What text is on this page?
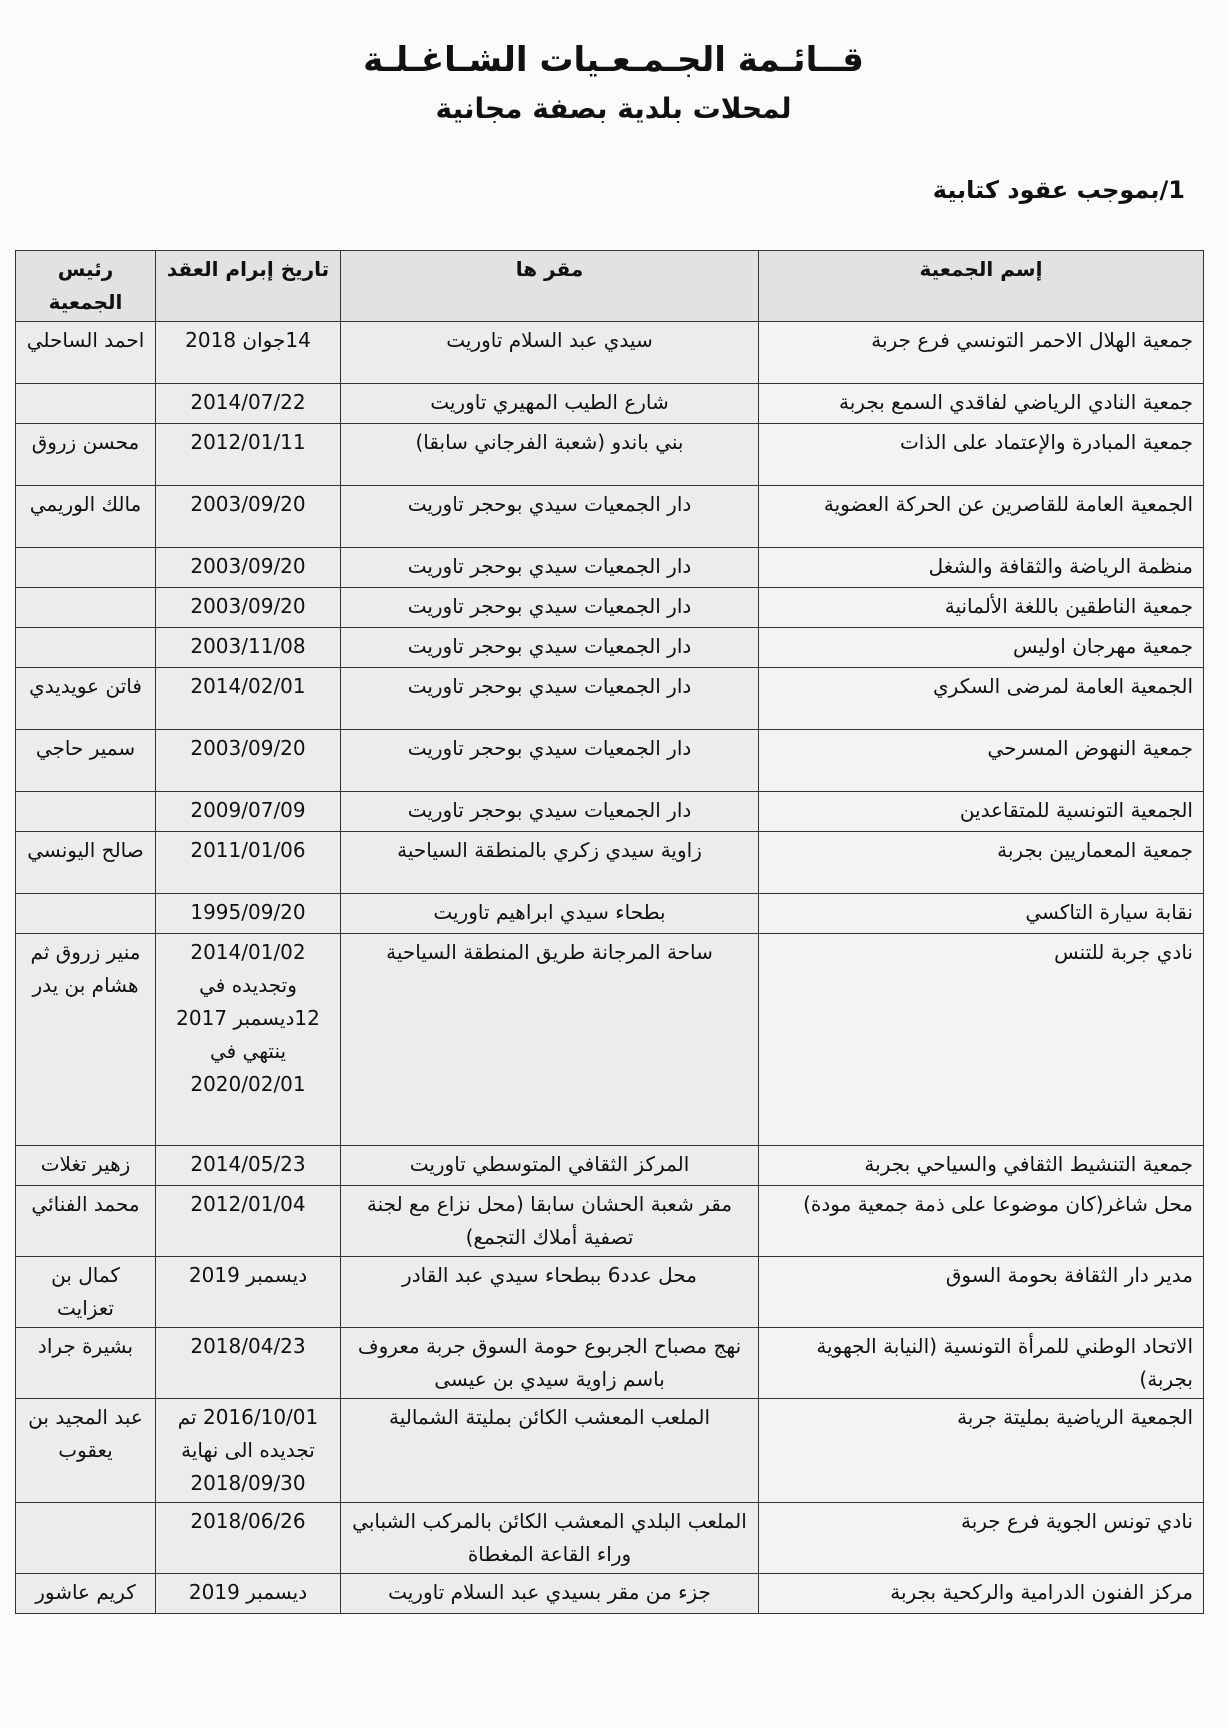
قــائـمة الجـمـعـيات الشـاغـلـة
لمحلات بلدية بصفة مجانية
1/بموجب عقود كتابية
إسم الجمعية	مقر ها	تاريخ إبرام العقد	رئيس الجمعية
جمعية الهلال الاحمر التونسي فرع جربة	سيدي عبد السلام تاوريت	14جوان 2018	احمد الساحلي
جمعية النادي الرياضي لفاقدي السمع بجربة	شارع الطيب المهيري تاوريت	2014/07/22	
جمعية المبادرة والإعتماد على الذات	بني باندو (شعبة الفرجاني سابقا)	2012/01/11	محسن زروق
الجمعية العامة للقاصرين عن الحركة العضوية	دار الجمعيات سيدي بوحجر تاوريت	2003/09/20	مالك الوريمي
منظمة الرياضة والثقافة والشغل	دار الجمعيات سيدي بوحجر تاوريت	2003/09/20	
جمعية الناطقين باللغة الألمانية	دار الجمعيات سيدي بوحجر تاوريت	2003/09/20	
جمعية مهرجان اوليس	دار الجمعيات سيدي بوحجر تاوريت	2003/11/08	
الجمعية العامة لمرضى السكري	دار الجمعيات سيدي بوحجر تاوريت	2014/02/01	فاتن عويديدي
جمعية النهوض المسرحي	دار الجمعيات سيدي بوحجر تاوريت	2003/09/20	سمير حاجي
الجمعية التونسية للمتقاعدين	دار الجمعيات سيدي بوحجر تاوريت	2009/07/09	
جمعية المعماريين بجربة	زاوية سيدي زكري بالمنطقة السياحية	2011/01/06	صالح اليونسي
نقابة سيارة التاكسي	بطحاء سيدي ابراهيم تاوريت	1995/09/20	
نادي جربة للتنس	ساحة المرجانة طريق المنطقة السياحية	2014/01/02 وتجديده في 12ديسمبر 2017 ينتهي في 2020/02/01	منير زروق ثم هشام بن يدر
جمعية التنشيط الثقافي والسياحي بجربة	المركز الثقافي المتوسطي تاوريت	2014/05/23	زهير تغلات
محل شاغر(كان موضوعا على ذمة جمعية مودة)	مقر شعبة الحشان سابقا (محل نزاع مع لجنة تصفية أملاك التجمع)	2012/01/04	محمد الفنائي
مدير دار الثقافة بحومة السوق	محل عدد6 ببطحاء سيدي عبد القادر	ديسمبر 2019	كمال بن تعزايت
الاتحاد الوطني للمرأة التونسية (النيابة الجهوية بجربة)	نهج مصباح الجربوع حومة السوق جربة معروف باسم زاوية سيدي بن عيسى	2018/04/23	بشيرة جراد
الجمعية الرياضية بمليتة جربة	الملعب المعشب الكائن بمليتة الشمالية	2016/10/01 تم تجديده الى نهاية 2018/09/30	عبد المجيد بن يعقوب
نادي تونس الجوية فرع جربة	الملعب البلدي المعشب الكائن بالمركب الشبابي وراء القاعة المغطاة	2018/06/26	
مركز الفنون الدرامية والركحية بجربة	جزء من مقر بسيدي عبد السلام تاوريت	ديسمبر 2019	كريم عاشور
